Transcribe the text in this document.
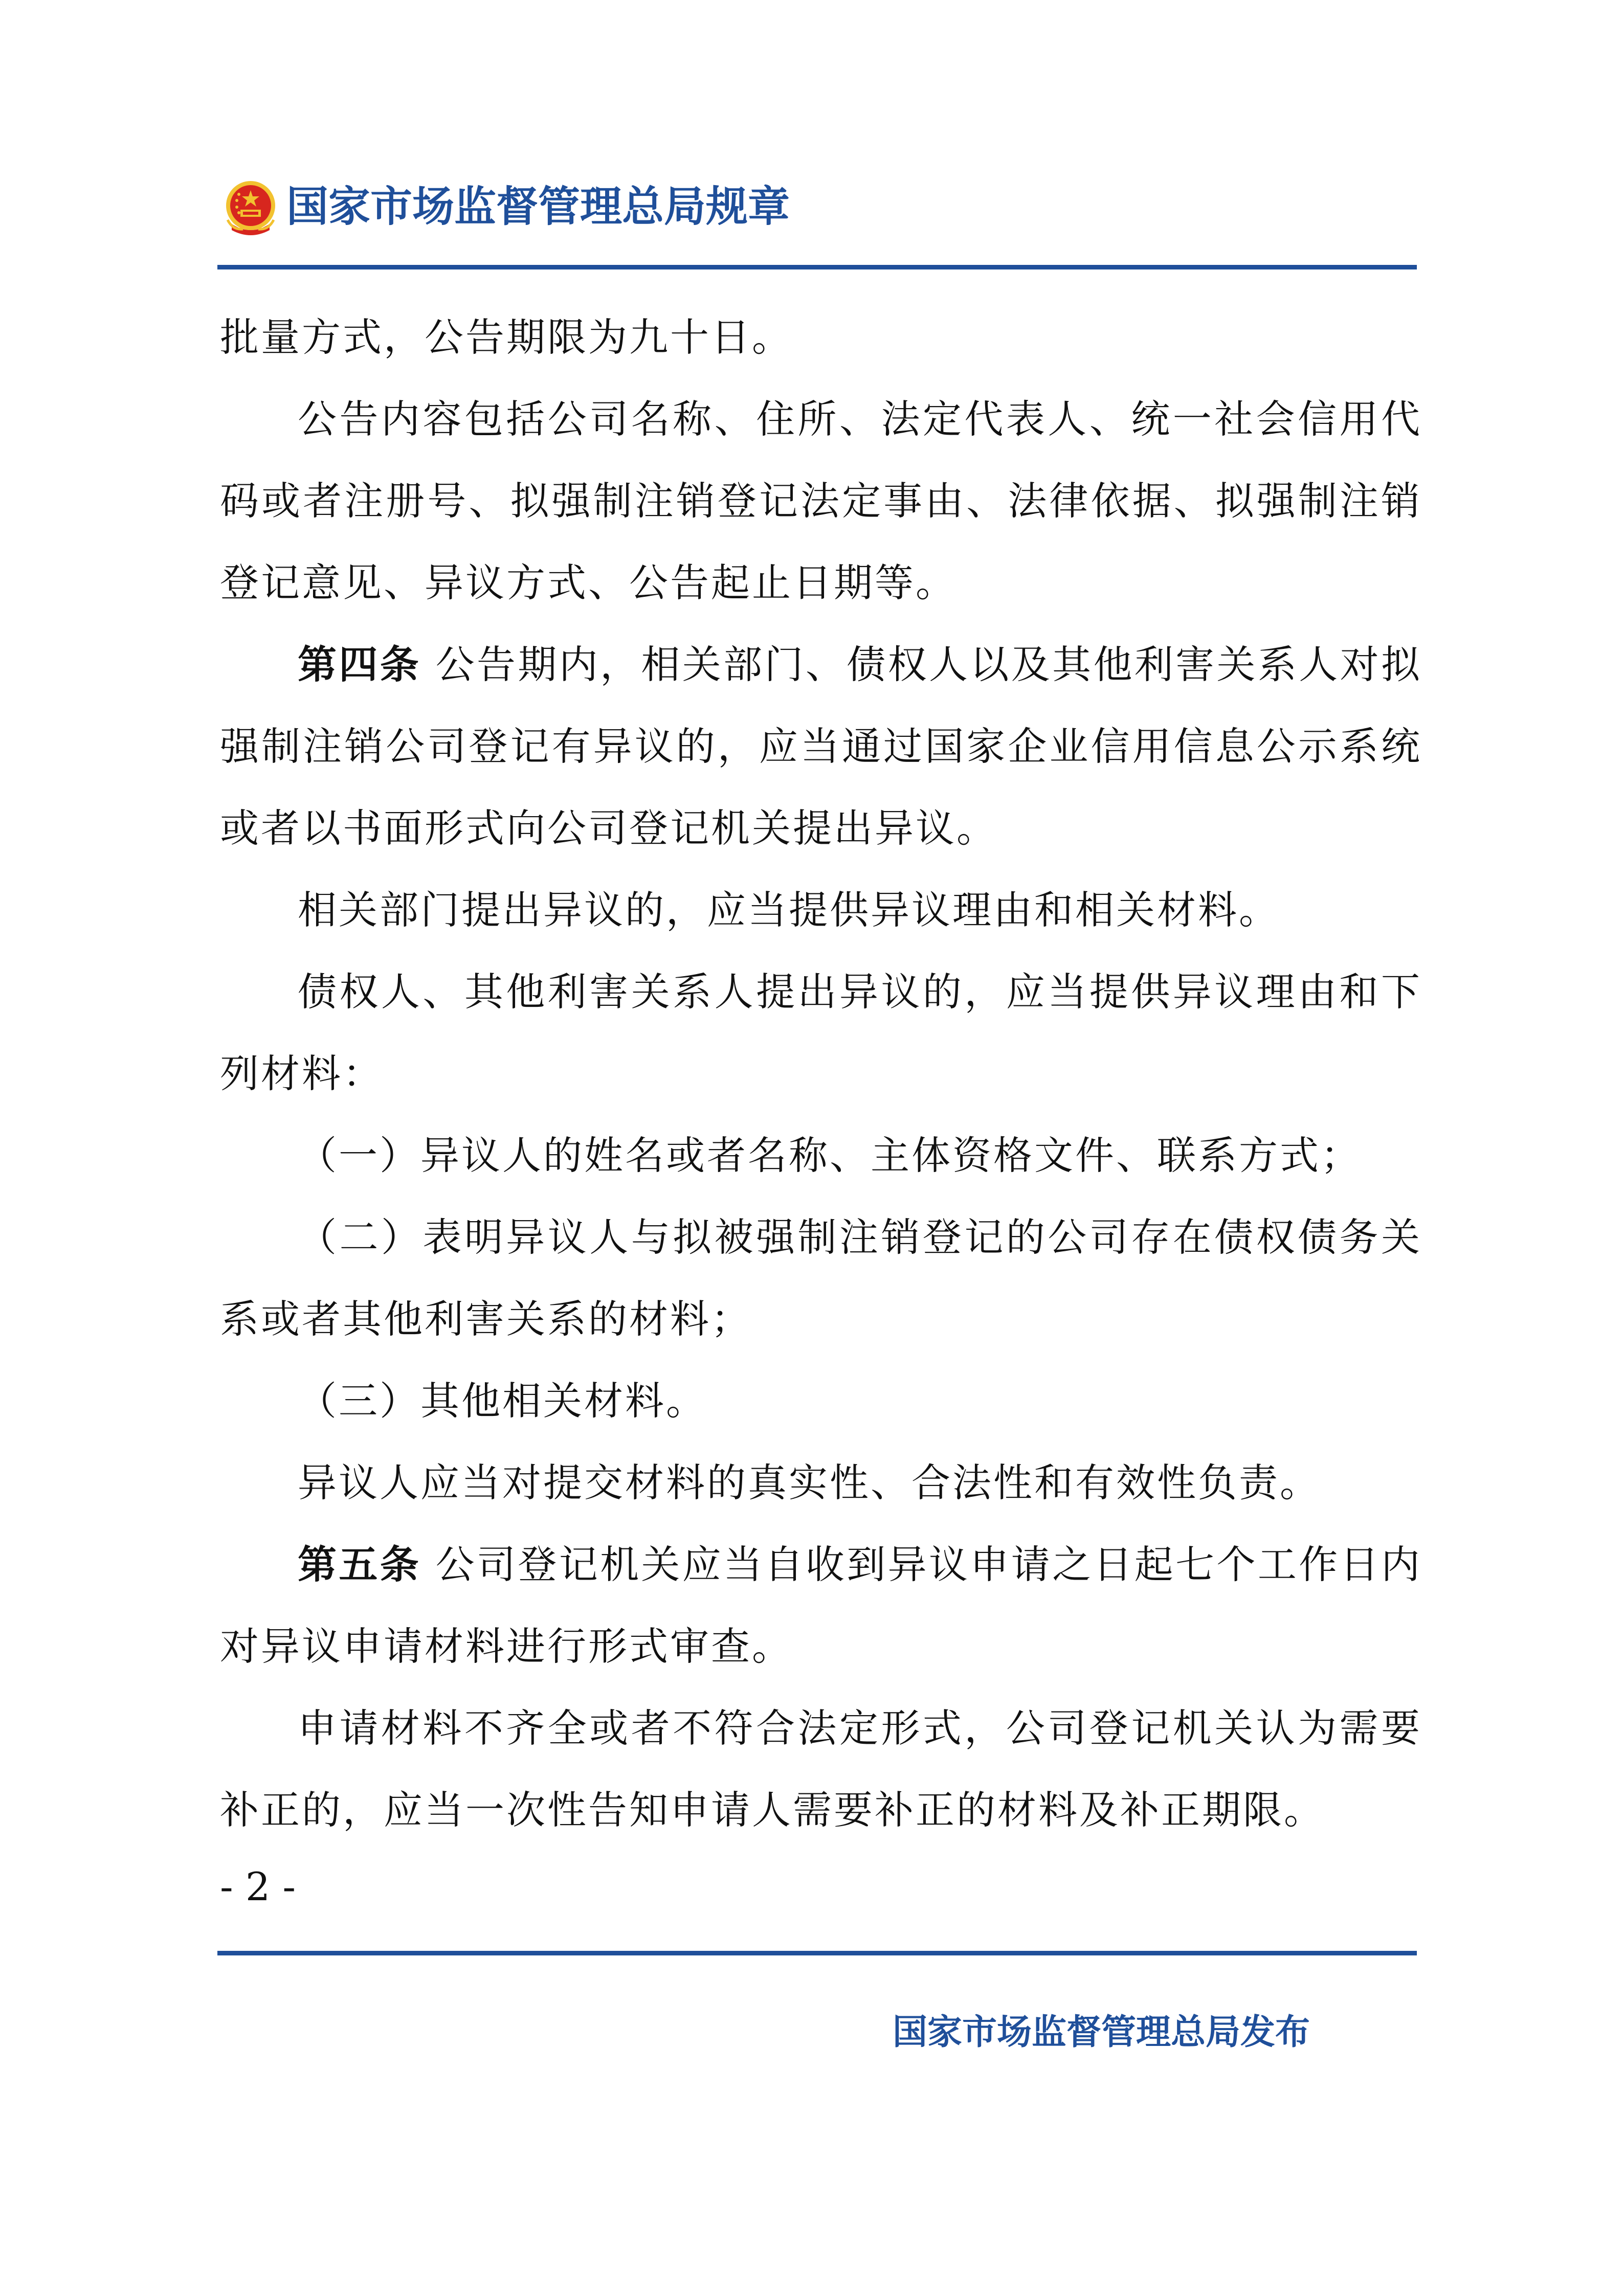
国家市场监督管理总局规章

批量方式，公告期限为九十日。

公告内容包括公司名称、住所、法定代表人、统一社会信用代码或者注册号、拟强制注销登记法定事由、法律依据、拟强制注销登记意见、异议方式、公告起止日期等。

第四条 公告期内，相关部门、债权人以及其他利害关系人对拟强制注销公司登记有异议的，应当通过国家企业信用信息公示系统或者以书面形式向公司登记机关提出异议。

相关部门提出异议的，应当提供异议理由和相关材料。

债权人、其他利害关系人提出异议的，应当提供异议理由和下列材料：

（一）异议人的姓名或者名称、主体资格文件、联系方式；

（二）表明异议人与拟被强制注销登记的公司存在债权债务关系或者其他利害关系的材料；

（三）其他相关材料。

异议人应当对提交材料的真实性、合法性和有效性负责。

第五条 公司登记机关应当自收到异议申请之日起七个工作日内对异议申请材料进行形式审查。

申请材料不齐全或者不符合法定形式，公司登记机关认为需要补正的，应当一次性告知申请人需要补正的材料及补正期限。

- 2 -
国家市场监督管理总局发布
